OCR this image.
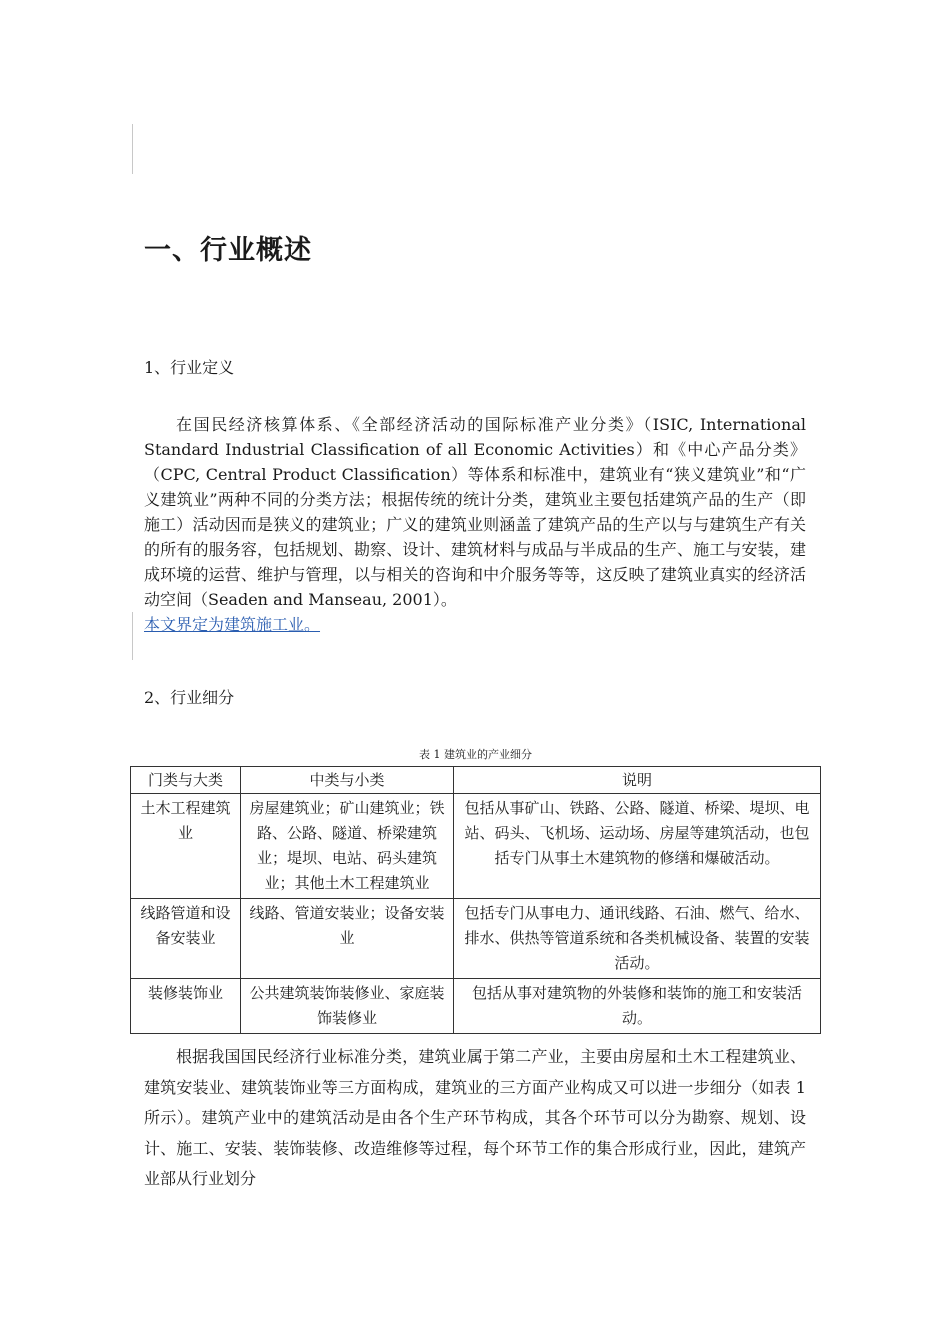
一、行业概述
1、行业定义

在国民经济核算体系、《全部经济活动的国际标准产业分类》（ISIC, International Standard Industrial Classification of all Economic Activities）和《中心产品分类》（CPC, Central Product Classification）等体系和标准中，建筑业有“狭义建筑业”和“广义建筑业”两种不同的分类方法；根据传统的统计分类，建筑业主要包括建筑产品的生产（即施工）活动因而是狭义的建筑业；广义的建筑业则涵盖了建筑产品的生产以与与建筑生产有关的所有的服务容，包括规划、勘察、设计、建筑材料与成品与半成品的生产、施工与安装，建成环境的运营、维护与管理，以与相关的咨询和中介服务等等，这反映了建筑业真实的经济活动空间（Seaden and Manseau, 2001）。

本文界定为建筑施工业。

2、行业细分
表 1 建筑业的产业细分
门类与大类	中类与小类	说明
土木工程建筑业	房屋建筑业；矿山建筑业；铁路、公路、隧道、桥梁建筑业；堤坝、电站、码头建筑业；其他土木工程建筑业	包括从事矿山、铁路、公路、隧道、桥梁、堤坝、电站、码头、飞机场、运动场、房屋等建筑活动，也包括专门从事土木建筑物的修缮和爆破活动。
线路管道和设备安装业	线路、管道安装业；设备安装业	包括专门从事电力、通讯线路、石油、燃气、给水、排水、供热等管道系统和各类机械设备、装置的安装活动。
装修装饰业	公共建筑装饰装修业、家庭装饰装修业	包括从事对建筑物的外装修和装饰的施工和安装活动。

根据我国国民经济行业标准分类，建筑业属于第二产业，主要由房屋和土木工程建筑业、建筑安装业、建筑装饰业等三方面构成，建筑业的三方面产业构成又可以进一步细分（如表 1 所示）。建筑产业中的建筑活动是由各个生产环节构成，其各个环节可以分为勘察、规划、设计、施工、安装、装饰装修、改造维修等过程，每个环节工作的集合形成行业，因此，建筑产业部从行业划分
